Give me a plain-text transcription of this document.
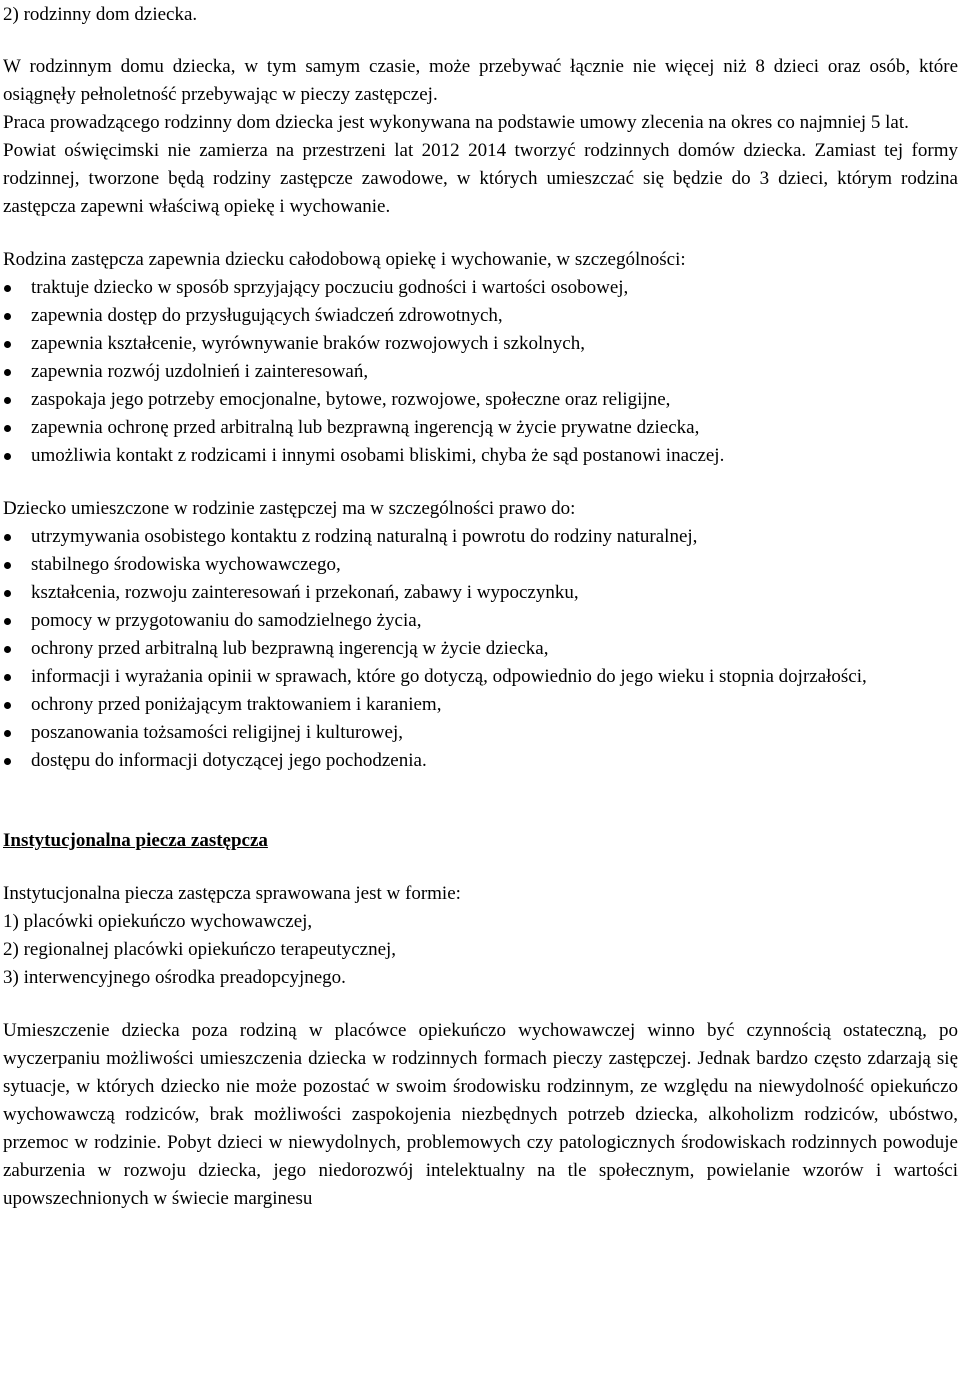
2) rodzinny dom dziecka.

W rodzinnym domu dziecka, w tym samym czasie, może przebywać łącznie nie więcej niż 8 dzieci oraz osób, które osiągnęły pełnoletność przebywając w pieczy zastępczej.

Praca prowadzącego rodzinny dom dziecka jest wykonywana na podstawie umowy zlecenia na okres co najmniej 5 lat.

Powiat oświęcimski nie zamierza na przestrzeni lat 2012 2014 tworzyć rodzinnych domów dziecka. Zamiast tej formy rodzinnej, tworzone będą rodziny zastępcze zawodowe, w których umieszczać się będzie do 3 dzieci, którym rodzina zastępcza zapewni właściwą opiekę i wychowanie.

Rodzina zastępcza zapewnia dziecku całodobową opiekę i wychowanie, w szczególności:

traktuje dziecko w sposób sprzyjający poczuciu godności i wartości osobowej,
zapewnia dostęp do przysługujących świadczeń zdrowotnych,
zapewnia kształcenie, wyrównywanie braków rozwojowych i szkolnych,
zapewnia rozwój uzdolnień i zainteresowań,
zaspokaja jego potrzeby emocjonalne, bytowe, rozwojowe, społeczne oraz religijne,
zapewnia ochronę przed arbitralną lub bezprawną ingerencją w życie prywatne dziecka,
umożliwia kontakt z rodzicami i innymi osobami bliskimi, chyba że sąd postanowi inaczej.

Dziecko umieszczone w rodzinie zastępczej ma w szczególności prawo do:

utrzymywania osobistego kontaktu z rodziną naturalną i powrotu do rodziny naturalnej,
stabilnego środowiska wychowawczego,
kształcenia, rozwoju zainteresowań i przekonań, zabawy i wypoczynku,
pomocy w przygotowaniu do samodzielnego życia,
ochrony przed arbitralną lub bezprawną ingerencją w życie dziecka,
informacji i wyrażania opinii w sprawach, które go dotyczą, odpowiednio do jego wieku i stopnia dojrzałości,
ochrony przed poniżającym traktowaniem i karaniem,
poszanowania tożsamości religijnej i kulturowej,
dostępu do informacji dotyczącej jego pochodzenia.

Instytucjonalna piecza zastępcza

Instytucjonalna piecza zastępcza sprawowana jest w formie:

1) placówki opiekuńczo wychowawczej,
2) regionalnej placówki opiekuńczo terapeutycznej,
3) interwencyjnego ośrodka preadopcyjnego.

Umieszczenie dziecka poza rodziną w placówce opiekuńczo wychowawczej winno być czynnością ostateczną, po wyczerpaniu możliwości umieszczenia dziecka w rodzinnych formach pieczy zastępczej. Jednak bardzo często zdarzają się sytuacje, w których dziecko nie może pozostać w swoim środowisku rodzinnym, ze względu na niewydolność opiekuńczo wychowawczą rodziców, brak możliwości zaspokojenia niezbędnych potrzeb dziecka, alkoholizm rodziców, ubóstwo, przemoc w rodzinie. Pobyt dzieci w niewydolnych, problemowych czy patologicznych środowiskach rodzinnych powoduje zaburzenia w rozwoju dziecka, jego niedorozwój intelektualny na tle społecznym, powielanie wzorów i wartości upowszechnionych w świecie marginesu
